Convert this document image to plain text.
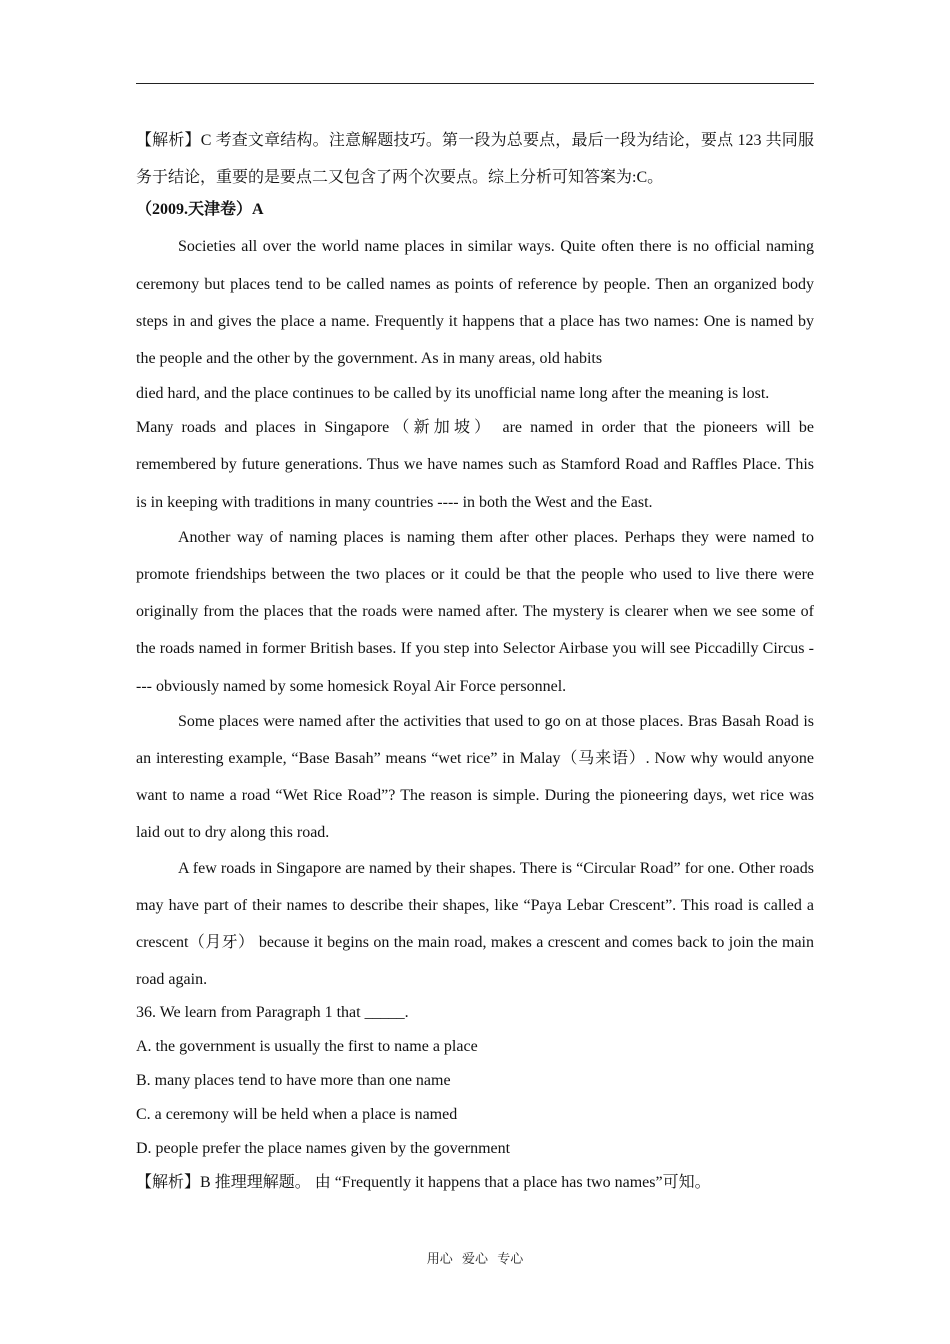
【解析】C 考查文章结构。注意解题技巧。第一段为总要点，最后一段为结论，要点 123 共同服务于结论，重要的是要点二又包含了两个次要点。综上分析可知答案为:C。

（2009.天津卷）A

Societies all over the world name places in similar ways. Quite often there is no official naming ceremony but places tend to be called names as points of reference by people. Then an organized body steps in and gives the place a name. Frequently it happens that a place has two names: One is named by the people and the other by the government. As in many areas, old habits

died hard, and the place continues to be called by its unofficial name long after the meaning is lost.

Many roads and places in Singapore（新加坡） are named in order that the pioneers will be remembered by future generations. Thus we have names such as Stamford Road and Raffles Place. This is in keeping with traditions in many countries ---- in both the West and the East.

Another way of naming places is naming them after other places. Perhaps they were named to promote friendships between the two places or it could be that the people who used to live there were originally from the places that the roads were named after. The mystery is clearer when we see some of the roads named in former British bases. If you step into Selector Airbase you will see Piccadilly Circus ---- obviously named by some homesick Royal Air Force personnel.

Some places were named after the activities that used to go on at those places. Bras Basah Road is an interesting example, “Base Basah” means “wet rice” in Malay（马来语）. Now why would anyone want to name a road “Wet Rice Road”? The reason is simple. During the pioneering days, wet rice was laid out to dry along this road.

A few roads in Singapore are named by their shapes. There is “Circular Road” for one. Other roads may have part of their names to describe their shapes, like “Paya Lebar Crescent”. This road is called a crescent（月牙） because it begins on the main road, makes a crescent and comes back to join the main road again.

36. We learn from Paragraph 1 that _____.

A. the government is usually the first to name a place

B. many places tend to have more than one name

C. a ceremony will be held when a place is named

D. people prefer the place names given by the government

【解析】B 推理理解题。 由 “Frequently it happens that a place has two names”可知。

用心 爱心 专心
